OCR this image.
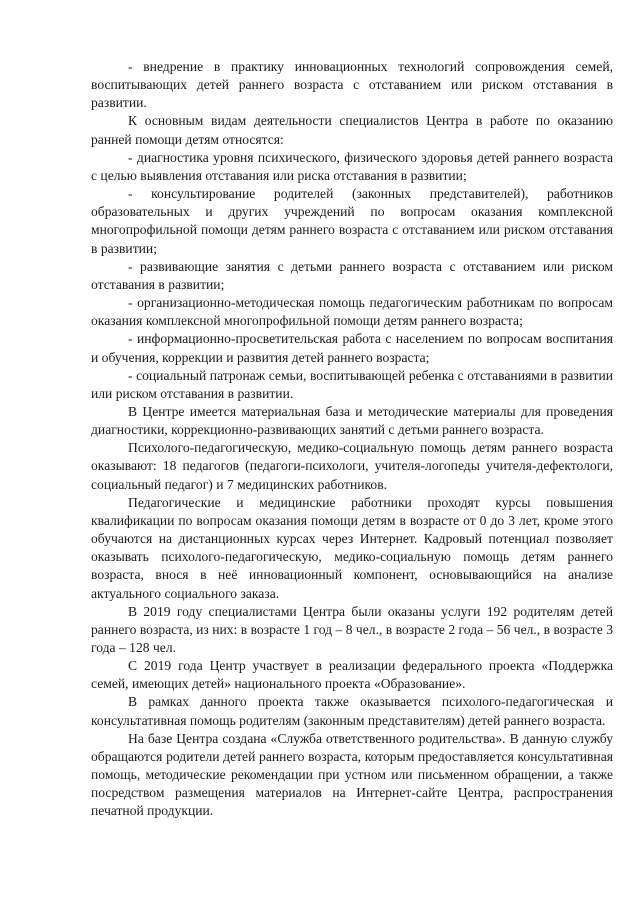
- внедрение в практику инновационных технологий сопровождения семей, воспитывающих детей раннего возраста с отставанием или риском отставания в развитии.

К основным видам деятельности специалистов Центра в работе по оказанию ранней помощи детям относятся:

- диагностика уровня психического, физического здоровья детей раннего возраста с целью выявления отставания или риска отставания в развитии;

- консультирование родителей (законных представителей), работников образовательных и других учреждений по вопросам оказания комплексной многопрофильной помощи детям раннего возраста с отставанием или риском отставания в развитии;

- развивающие занятия с детьми раннего возраста с отставанием или риском отставания в развитии;

- организационно-методическая помощь педагогическим работникам по вопросам оказания комплексной многопрофильной помощи детям раннего возраста;

- информационно-просветительская работа с населением по вопросам воспитания и обучения, коррекции и развития детей раннего возраста;

- социальный патронаж семьи, воспитывающей ребенка с отставаниями в развитии или риском отставания в развитии.

В Центре имеется материальная база и методические материалы для проведения диагностики, коррекционно-развивающих занятий с детьми раннего возраста.

Психолого-педагогическую, медико-социальную помощь детям раннего возраста оказывают: 18 педагогов (педагоги-психологи, учителя-логопеды учителя-дефектологи, социальный педагог) и 7 медицинских работников.

Педагогические и медицинские работники проходят курсы повышения квалификации по вопросам оказания помощи детям в возрасте от 0 до 3 лет, кроме этого обучаются на дистанционных курсах через Интернет. Кадровый потенциал позволяет оказывать психолого-педагогическую, медико-социальную помощь детям раннего возраста, внося в неё инновационный компонент, основывающийся на анализе актуального социального заказа.

В 2019 году специалистами Центра были оказаны услуги 192 родителям детей раннего возраста, из них: в возрасте 1 год – 8 чел., в возрасте 2 года – 56 чел., в возрасте 3 года – 128 чел.

С 2019 года Центр участвует в реализации федерального проекта «Поддержка семей, имеющих детей» национального проекта «Образование».

В рамках данного проекта также оказывается психолого-педагогическая и консультативная помощь родителям (законным представителям) детей раннего возраста.

На базе Центра создана «Служба ответственного родительства». В данную службу обращаются родители детей раннего возраста, которым предоставляется консультативная помощь, методические рекомендации при устном или письменном обращении, а также посредством размещения материалов на Интернет-сайте Центра, распространения печатной продукции.
